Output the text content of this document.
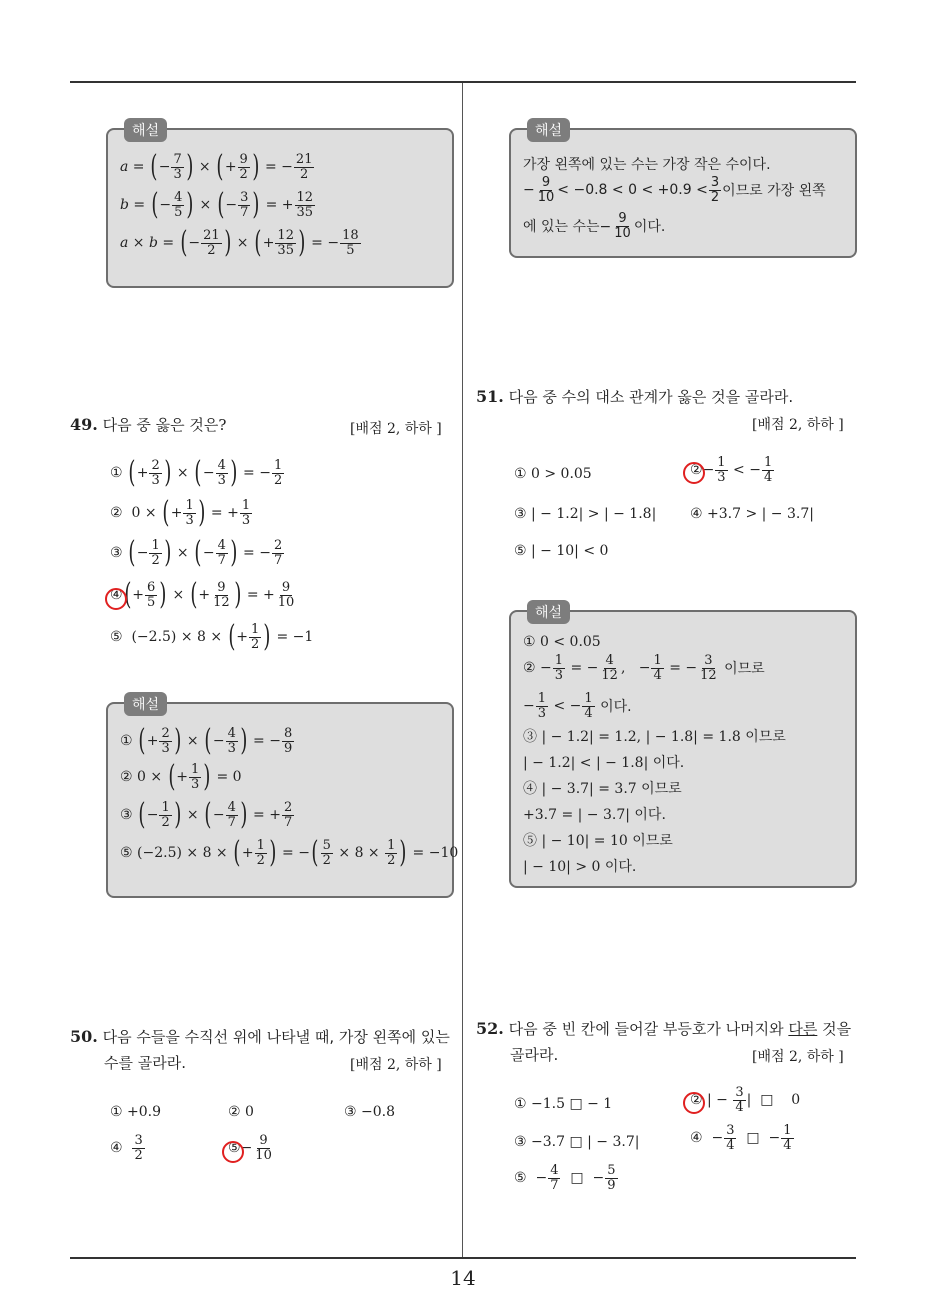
해설
a = ( − $\frac{7}{3}$ ) × ( + $\frac{9}{2}$ ) = − $\frac{21}{2}$
b = ( − $\frac{4}{5}$ ) × ( − $\frac{3}{7}$ ) = + $\frac{12}{35}$
a × b = ( − $\frac{21}{2}$ ) × ( + $\frac{12}{35}$ ) = − $\frac{18}{5}$
해설
가장 왼쪽에 있는 수는 가장 작은 수이다.
− $\frac{9}{10} < -0.8 < 0 < +0.9 < \frac{3}{2}$ 이므로 가장 왼쪽
에 있는 수는− $\frac{9}{10}$ 이다.
49. 다음 중 옳은 것은?	[배점 2, 하하 ]
①
( + $\frac{2}{3}$ ) × ( − $\frac{4}{3}$ ) = − $\frac{1}{2}$
② 0 × ( + $\frac{1}{3}$ ) = + $\frac{1}{3}$
③
( − $\frac{1}{2}$ ) × ( − $\frac{4}{7}$ ) = − $\frac{2}{7}$
④ ( + $\frac{6}{5}$ ) × ( + $\frac{9}{12}$ ) = + $\frac{9}{10}$
⑤ (−2.5) × 8 × ( + $\frac{1}{2}$ ) = −1
해설
①
( + $\frac{2}{3}$ ) × ( − $\frac{4}{3}$ ) = − $\frac{8}{9}$
② 0 × ( + $\frac{1}{3}$ ) = 0
③
( − $\frac{1}{2}$ ) × ( − $\frac{4}{7}$ ) = + $\frac{2}{7}$
⑤ (−2.5) × 8 × ( + $\frac{1}{2}$ ) = − ( $\frac{5}{2} \times 8 \times \frac{1}{2}$ ) = −10
50. 다음 수들을 수직선 위에 나타낼 때, 가장 왼쪽에 있는
수를 골라라.	[배점 2, 하하 ]
① +0.9	② 0	③ −0.8
④
$\frac{3}{2}$	⑤ − $\frac{9}{10}$
51. 다음 중 수의 대소 관계가 옳은 것을 골라라.
[배점 2, 하하 ]
① 0 > 0.05	② − $\frac{1}{3}$ < − $\frac{1}{4}$
③ | − 1.2| > | − 1.8| ④ +3.7 > | − 3.7|
⑤ | − 10| < 0
해설
① 0 < 0.05
② − $\frac{1}{3}$ = − $\frac{4}{12}$ ,   − $\frac{1}{4}$ = − $\frac{3}{12}$
이므로
− $\frac{1}{3}$ < − $\frac{1}{4}$
이다.
③ | − 1.2| = 1.2, | − 1.8| = 1.8 이므로
| − 1.2| < | − 1.8| 이다.
④ | − 3.7| = 3.7 이므로
+3.7 = | − 3.7| 이다.
⑤ | − 10| = 10 이므로
| − 10| > 0 이다.
52. 다음 중 빈 칸에 들어갈 부등호가 나머지와 다른 것을
골라라.	[배점 2, 하하 ]
① −1.5 □ − 1	② | − $\frac{3}{4}$ |  □    0
③ −3.7 □ | − 3.7|	④ − $\frac{3}{4}$ □  − $\frac{1}{4}$
⑤ − $\frac{4}{7}$ □  − $\frac{5}{9}$
14
